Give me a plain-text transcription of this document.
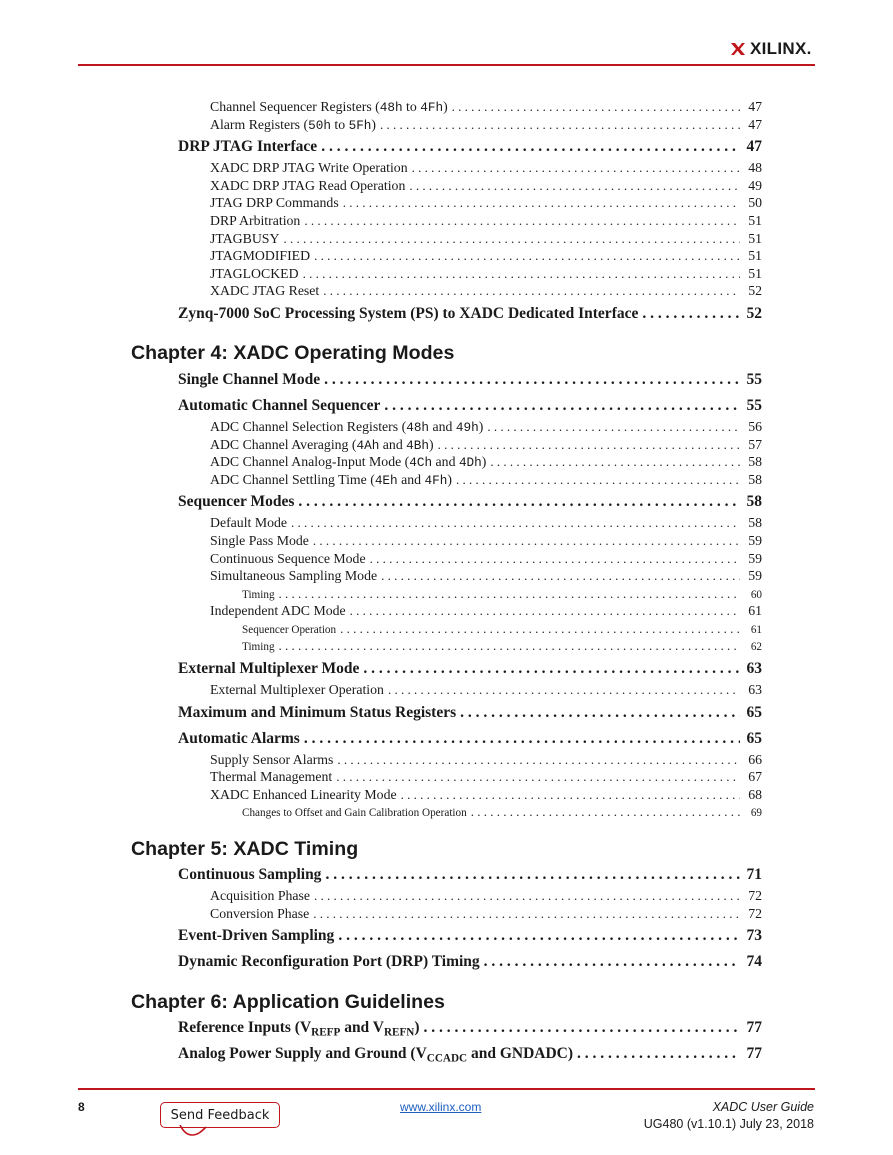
XILINX.
Channel Sequencer Registers (48h to 4Fh) . . .	47
Alarm Registers (50h to 5Fh) . . .	47
DRP JTAG Interface . . .	47
XADC DRP JTAG Write Operation . . .	48
XADC DRP JTAG Read Operation . . .	49
JTAG DRP Commands . . .	50
DRP Arbitration . . .	51
JTAGBUSY . . .	51
JTAGMODIFIED . . .	51
JTAGLOCKED . . .	51
XADC JTAG Reset . . .	52
Zynq-7000 SoC Processing System (PS) to XADC Dedicated Interface . . .	52
Chapter 4: XADC Operating Modes
Single Channel Mode . . .	55
Automatic Channel Sequencer . . .	55
ADC Channel Selection Registers (48h and 49h) . . .	56
ADC Channel Averaging (4Ah and 4Bh) . . .	57
ADC Channel Analog-Input Mode (4Ch and 4Dh) . . .	58
ADC Channel Settling Time (4Eh and 4Fh) . . .	58
Sequencer Modes . . .	58
Default Mode . . .	58
Single Pass Mode . . .	59
Continuous Sequence Mode . . .	59
Simultaneous Sampling Mode . . .	59
Timing . . .	60
Independent ADC Mode . . .	61
Sequencer Operation . . .	61
Timing . . .	62
External Multiplexer Mode . . .	63
External Multiplexer Operation . . .	63
Maximum and Minimum Status Registers . . .	65
Automatic Alarms . . .	65
Supply Sensor Alarms . . .	66
Thermal Management . . .	67
XADC Enhanced Linearity Mode . . .	68
Changes to Offset and Gain Calibration Operation . . .	69
Chapter 5: XADC Timing
Continuous Sampling . . .	71
Acquisition Phase . . .	72
Conversion Phase . . .	72
Event-Driven Sampling . . .	73
Dynamic Reconfiguration Port (DRP) Timing . . .	74
Chapter 6: Application Guidelines
Reference Inputs ($V_{REFP}$ and $V_{REFN}$) . . .	77
Analog Power Supply and Ground ($V_{CCADC}$ and GNDADC) . . .	77
8
Send Feedback
www.xilinx.com	XADC User Guide
UG480 (v1.10.1) July 23, 2018
